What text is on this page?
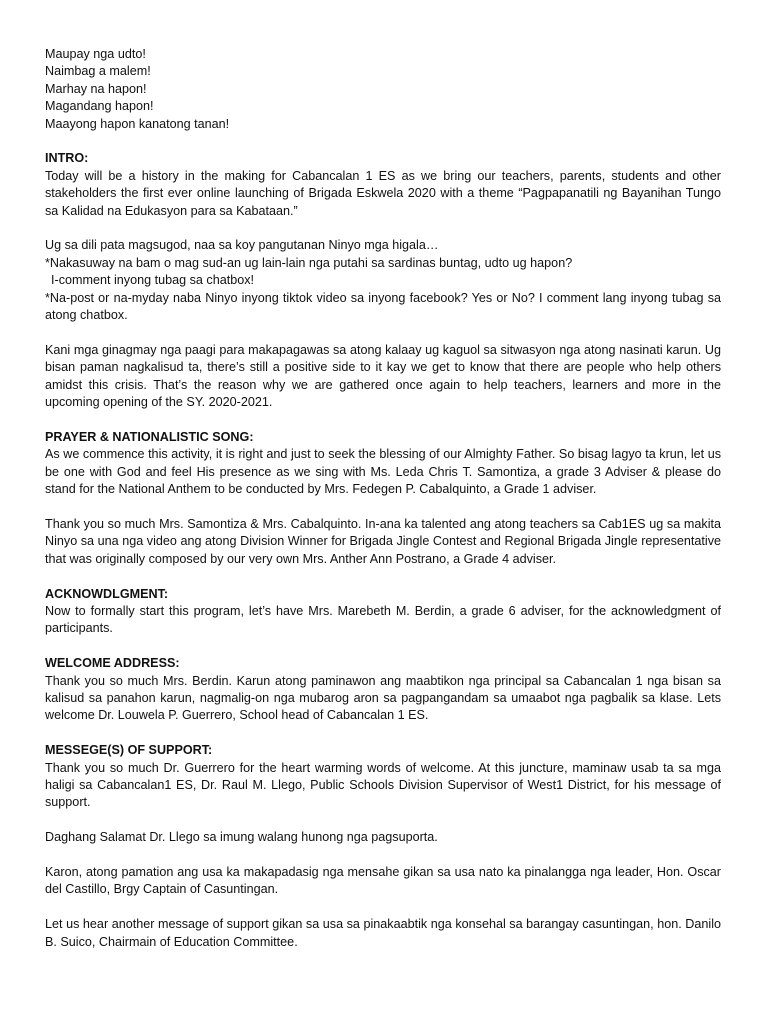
Maupay nga udto!
Naimbag a malem!
Marhay na hapon!
Magandang hapon!
Maayong hapon kanatong tanan!
INTRO:

Today will be a history in the making for Cabancalan 1 ES as we bring our teachers, parents, students and other stakeholders the first ever online launching of Brigada Eskwela 2020 with a theme “Pagpapanatili ng Bayanihan Tungo sa Kalidad na Edukasyon para sa Kabataan.”

Ug sa dili pata magsugod, naa sa koy pangutanan Ninyo mga higala…
*Nakasuway na bam o mag sud-an ug lain-lain nga putahi sa sardinas buntag, udto ug hapon?
I-comment inyong tubag sa chatbox!

*Na-post or na-myday naba Ninyo inyong tiktok video sa inyong facebook? Yes or No? I comment lang inyong tubag sa atong chatbox.

Kani mga ginagmay nga paagi para makapagawas sa atong kalaay ug kaguol sa sitwasyon nga atong nasinati karun. Ug bisan paman nagkalisud ta, there’s still a positive side to it kay we get to know that there are people who help others amidst this crisis. That’s the reason why we are gathered once again to help teachers, learners and more in the upcoming opening of the SY. 2020-2021.

PRAYER & NATIONALISTIC SONG:

As we commence this activity, it is right and just to seek the blessing of our Almighty Father. So bisag lagyo ta krun, let us be one with God and feel His presence as we sing with Ms. Leda Chris T. Samontiza, a grade 3 Adviser & please do stand for the National Anthem to be conducted by Mrs. Fedegen P. Cabalquinto, a Grade 1 adviser.

Thank you so much Mrs. Samontiza & Mrs. Cabalquinto. In-ana ka talented ang atong teachers sa Cab1ES ug sa makita Ninyo sa una nga video ang atong Division Winner for Brigada Jingle Contest and Regional Brigada Jingle representative that was originally composed by our very own Mrs. Anther Ann Postrano, a Grade 4 adviser.

ACKNOWDLGMENT:

Now to formally start this program, let’s have Mrs. Marebeth M. Berdin, a grade 6 adviser, for the acknowledgment of participants.

WELCOME ADDRESS:

Thank you so much Mrs. Berdin. Karun atong paminawon ang maabtikon nga principal sa Cabancalan 1 nga bisan sa kalisud sa panahon karun, nagmalig-on nga mubarog aron sa pagpangandam sa umaabot nga pagbalik sa klase. Lets welcome Dr. Louwela P. Guerrero, School head of Cabancalan 1 ES.

MESSEGE(S) OF SUPPORT:

Thank you so much Dr. Guerrero for the heart warming words of welcome. At this juncture, maminaw usab ta sa mga haligi sa Cabancalan1 ES, Dr. Raul M. Llego, Public Schools Division Supervisor of West1 District, for his message of support.

Daghang Salamat Dr. Llego sa imung walang hunong nga pagsuporta.

Karon, atong pamation ang usa ka makapadasig nga mensahe gikan sa usa nato ka pinalangga nga leader, Hon. Oscar del Castillo, Brgy Captain of Casuntingan.

Let us hear another message of support gikan sa usa sa pinakaabtik nga konsehal sa barangay casuntingan, hon. Danilo B. Suico, Chairmain of Education Committee.
